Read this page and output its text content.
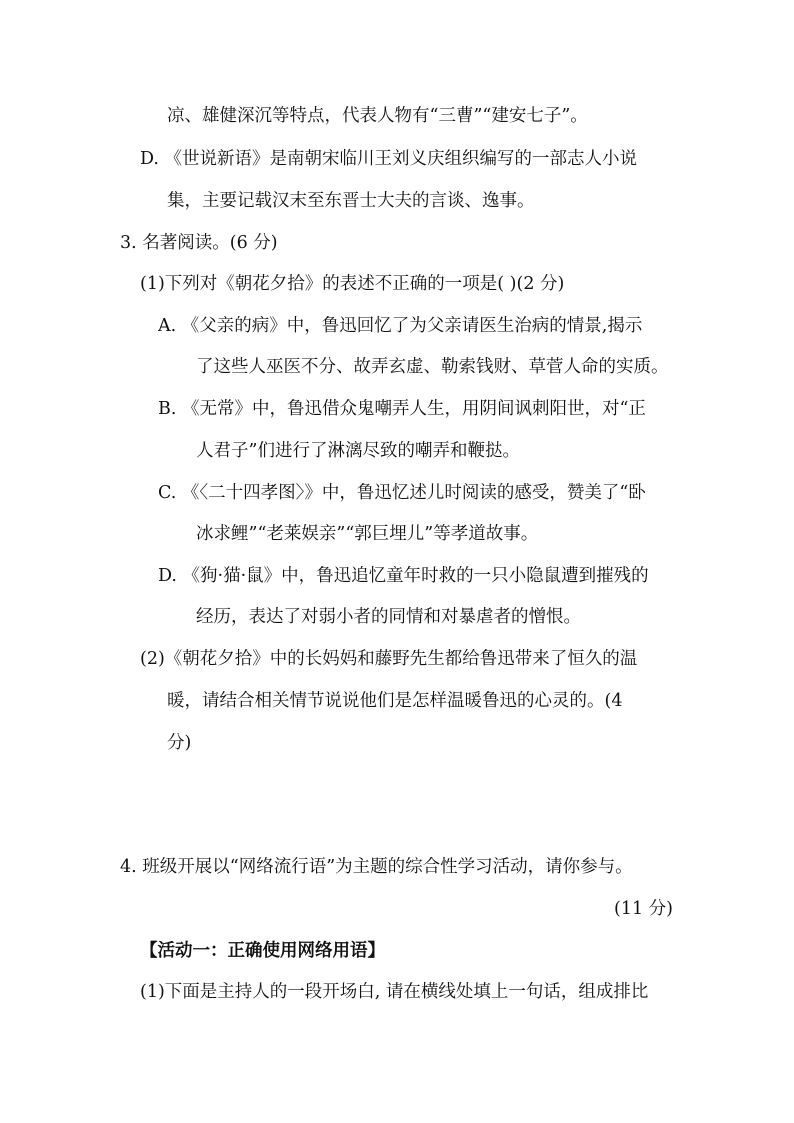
凉、雄健深沉等特点，代表人物有“三曹”“建安七子”。
D. 《世说新语》是南朝宋临川王刘义庆组织编写的一部志人小说
集，主要记载汉末至东晋士大夫的言谈、逸事。
3. 名著阅读。(6 分)
(1)下列对《朝花夕拾》的表述不正确的一项是( )(2 分)
A. 《父亲的病》中，鲁迅回忆了为父亲请医生治病的情景,揭示
了这些人巫医不分、故弄玄虚、勒索钱财、草菅人命的实质。
B. 《无常》中，鲁迅借众鬼嘲弄人生，用阴间讽刺阳世，对“正
人君子”们进行了淋漓尽致的嘲弄和鞭挞。
C. 《〈二十四孝图〉》中，鲁迅忆述儿时阅读的感受，赞美了“卧
冰求鲤”“老莱娱亲”“郭巨埋儿”等孝道故事。
D. 《狗·猫·鼠》中，鲁迅追忆童年时救的一只小隐鼠遭到摧残的
经历，表达了对弱小者的同情和对暴虐者的憎恨。
(2)《朝花夕拾》中的长妈妈和藤野先生都给鲁迅带来了恒久的温
暖，请结合相关情节说说他们是怎样温暖鲁迅的心灵的。(4
分)
4. 班级开展以“网络流行语”为主题的综合性学习活动，请你参与。
(11 分)
【活动一：正确使用网络用语】
(1)下面是主持人的一段开场白, 请在横线处填上一句话，组成排比
